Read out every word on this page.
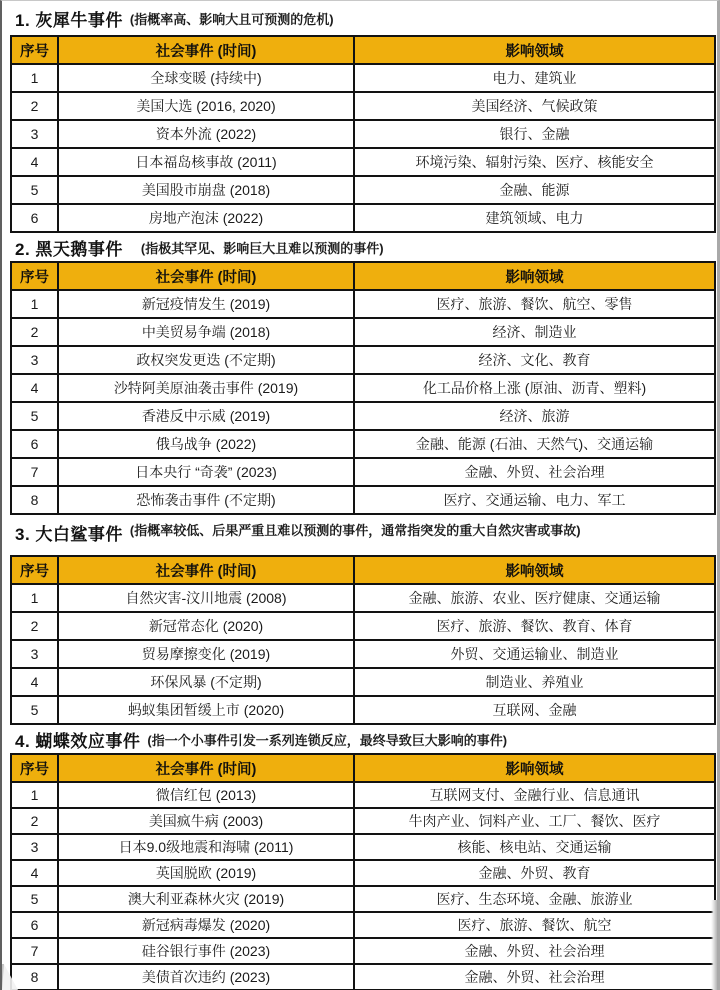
1. 灰犀牛事件 (指概率高、影响大且可预测的危机)
序号	社会事件 (时间)	影响领域
1	全球变暖 (持续中)	电力、建筑业
2	美国大选 (2016, 2020)	美国经济、气候政策
3	资本外流 (2022)	银行、金融
4	日本福岛核事故 (2011)	环境污染、辐射污染、医疗、核能安全
5	美国股市崩盘 (2018)	金融、能源
6	房地产泡沫 (2022)	建筑领域、电力
2. 黑天鹅事件 (指极其罕见、影响巨大且难以预测的事件)
序号	社会事件 (时间)	影响领域
1	新冠疫情发生 (2019)	医疗、旅游、餐饮、航空、零售
2	中美贸易争端 (2018)	经济、制造业
3	政权突发更迭 (不定期)	经济、文化、教育
4	沙特阿美原油袭击事件 (2019)	化工品价格上涨 (原油、沥青、塑料)
5	香港反中示威 (2019)	经济、旅游
6	俄乌战争 (2022)	金融、能源 (石油、天然气)、交通运输
7	日本央行 “奇袭” (2023)	金融、外贸、社会治理
8	恐怖袭击事件 (不定期)	医疗、交通运输、电力、军工
3. 大白鲨事件 (指概率较低、后果严重且难以预测的事件，通常指突发的重大自然灾害或事故)
序号	社会事件 (时间)	影响领域
1	自然灾害-汶川地震 (2008)	金融、旅游、农业、医疗健康、交通运输
2	新冠常态化 (2020)	医疗、旅游、餐饮、教育、体育
3	贸易摩擦变化 (2019)	外贸、交通运输业、制造业
4	环保风暴 (不定期)	制造业、养殖业
5	蚂蚁集团暂缓上市 (2020)	互联网、金融
4. 蝴蝶效应事件 (指一个小事件引发一系列连锁反应，最终导致巨大影响的事件)
序号	社会事件 (时间)	影响领域
1	微信红包 (2013)	互联网支付、金融行业、信息通讯
2	美国疯牛病 (2003)	牛肉产业、饲料产业、工厂、餐饮、医疗
3	日本9.0级地震和海啸 (2011)	核能、核电站、交通运输
4	英国脱欧 (2019)	金融、外贸、教育
5	澳大利亚森林火灾 (2019)	医疗、生态环境、金融、旅游业
6	新冠病毒爆发 (2020)	医疗、旅游、餐饮、航空
7	硅谷银行事件 (2023)	金融、外贸、社会治理
8	美债首次违约 (2023)	金融、外贸、社会治理
